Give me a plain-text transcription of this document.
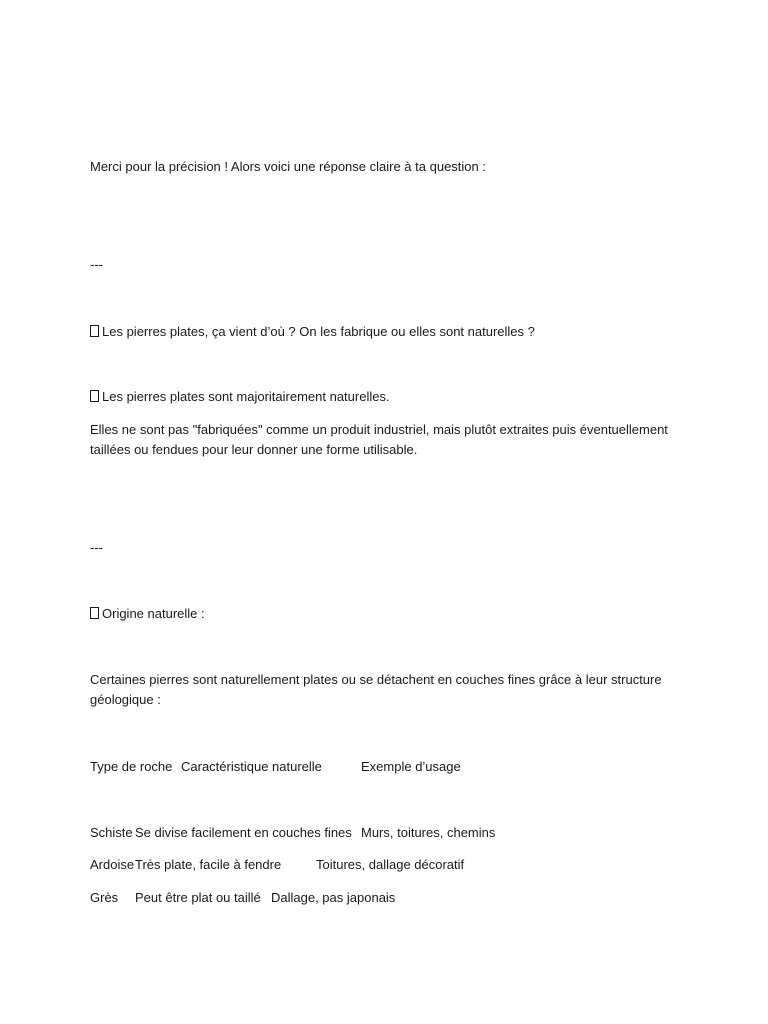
Merci pour la précision ! Alors voici une réponse claire à ta question :

---

Les pierres plates, ça vient d’où ? On les fabrique ou elles sont naturelles ?

Les pierres plates sont majoritairement naturelles.

Elles ne sont pas "fabriquées" comme un produit industriel, mais plutôt extraites puis éventuellement taillées ou fendues pour leur donner une forme utilisable.

---

Origine naturelle :

Certaines pierres sont naturellement plates ou se détachent en couches fines grâce à leur structure géologique :

Type de roche Caractéristique naturelle	Exemple d’usage

Schiste Se divise facilement en couches fines Murs, toitures, chemins

Ardoise Très plate, facile à fendre	Toitures, dallage décoratif

Grès Peut être plat ou taillé Dallage, pas japonais
